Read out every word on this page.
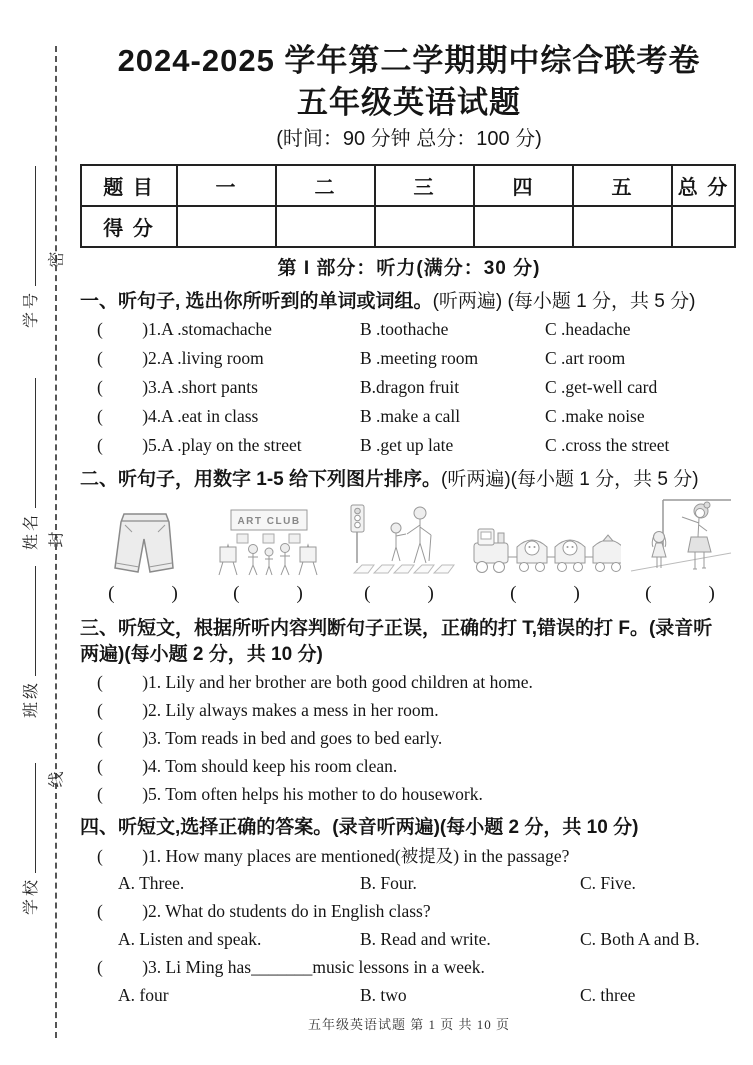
密
封
线
学号
姓名
班级
学校
2024-2025 学年第二学期期中综合联考卷
五年级英语试题
(时间：90 分钟 总分：100 分)
题 目	一	二	三	四	五	总 分
得 分						
第 I 部分：听力(满分：30 分)
一、听句子, 选出你所听到的单词或词组。(听两遍) (每小题 1 分，共 5 分)
(         )1.A .stomachache	B .toothache	C .headache
(         )2.A .living room	B .meeting room	C .art room
(         )3.A .short pants	B.dragon fruit	C .get-well card
(         )4.A .eat in class	B .make a call	C .make noise
(         )5.A .play on the street	B .get up late	C .cross the street
二、听句子，用数字 1-5 给下列图片排序。(听两遍)(每小题 1 分，共 5 分)
ART CLUB
(            )	(            )	(            )	(            )	(            )
三、听短文，根据所听内容判断句子正误，正确的打 T,错误的打 F。(录音听
两遍)(每小题 2 分，共 10 分)
(         )1. Lily and her brother are both good children at home.
(         )2. Lily always makes a mess in her room.
(         )3. Tom reads in bed and goes to bed early.
(         )4. Tom should keep his room clean.
(         )5. Tom often helps his mother to do housework.
四、听短文,选择正确的答案。(录音听两遍)(每小题 2 分，共 10 分)
(         )1. How many places are mentioned(被提及) in the passage?
A. Three.	B. Four.	C. Five.
(         )2. What do students do in English class?
A. Listen and speak.	B. Read and write.	C. Both A and B.
(         )3. Li Ming has_______music lessons in a week.
A. four	B. two	C. three
五年级英语试题 第 1 页 共 10 页
